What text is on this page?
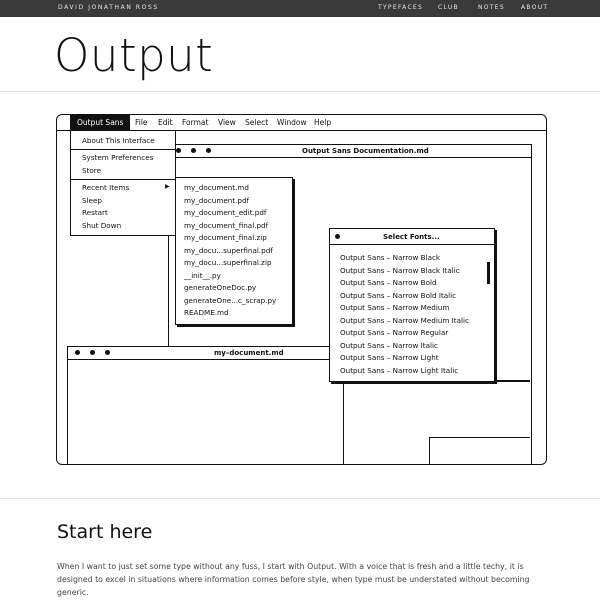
DAVID JONATHAN ROSS	TYPEFACES CLUB	NOTES	ABOUT
Output
Output Sans	File Edit Format View Select Window Help
Output Sans Documentation.md
my–document.md
About This Interface
System Preferences
Store
Recent Items	▶
Sleep
Restart
Shut Down
my_document.md
my_document.pdf
my_document_edit.pdf
my_document_final.pdf
my_document_final.zip
my_docu...superfinal.pdf
my_docu...superfinal.zip
__init__.py
generateOneDoc.py
generateOne...c_scrap.py
README.md
Select Fonts...
Output Sans – Narrow Black
Output Sans – Narrow Black Italic
Output Sans – Narrow Bold
Output Sans – Narrow Bold Italic
Output Sans – Narrow Medium
Output Sans – Narrow Medium Italic
Output Sans – Narrow Regular
Output Sans – Narrow Italic
Output Sans – Narrow Light
Output Sans – Narrow Light Italic
Start here

When I want to just set some type without any fuss, I start with Output. With a voice that is fresh and a little techy, it is designed to excel in situations where information comes before style, when type must be understated without becoming generic.
